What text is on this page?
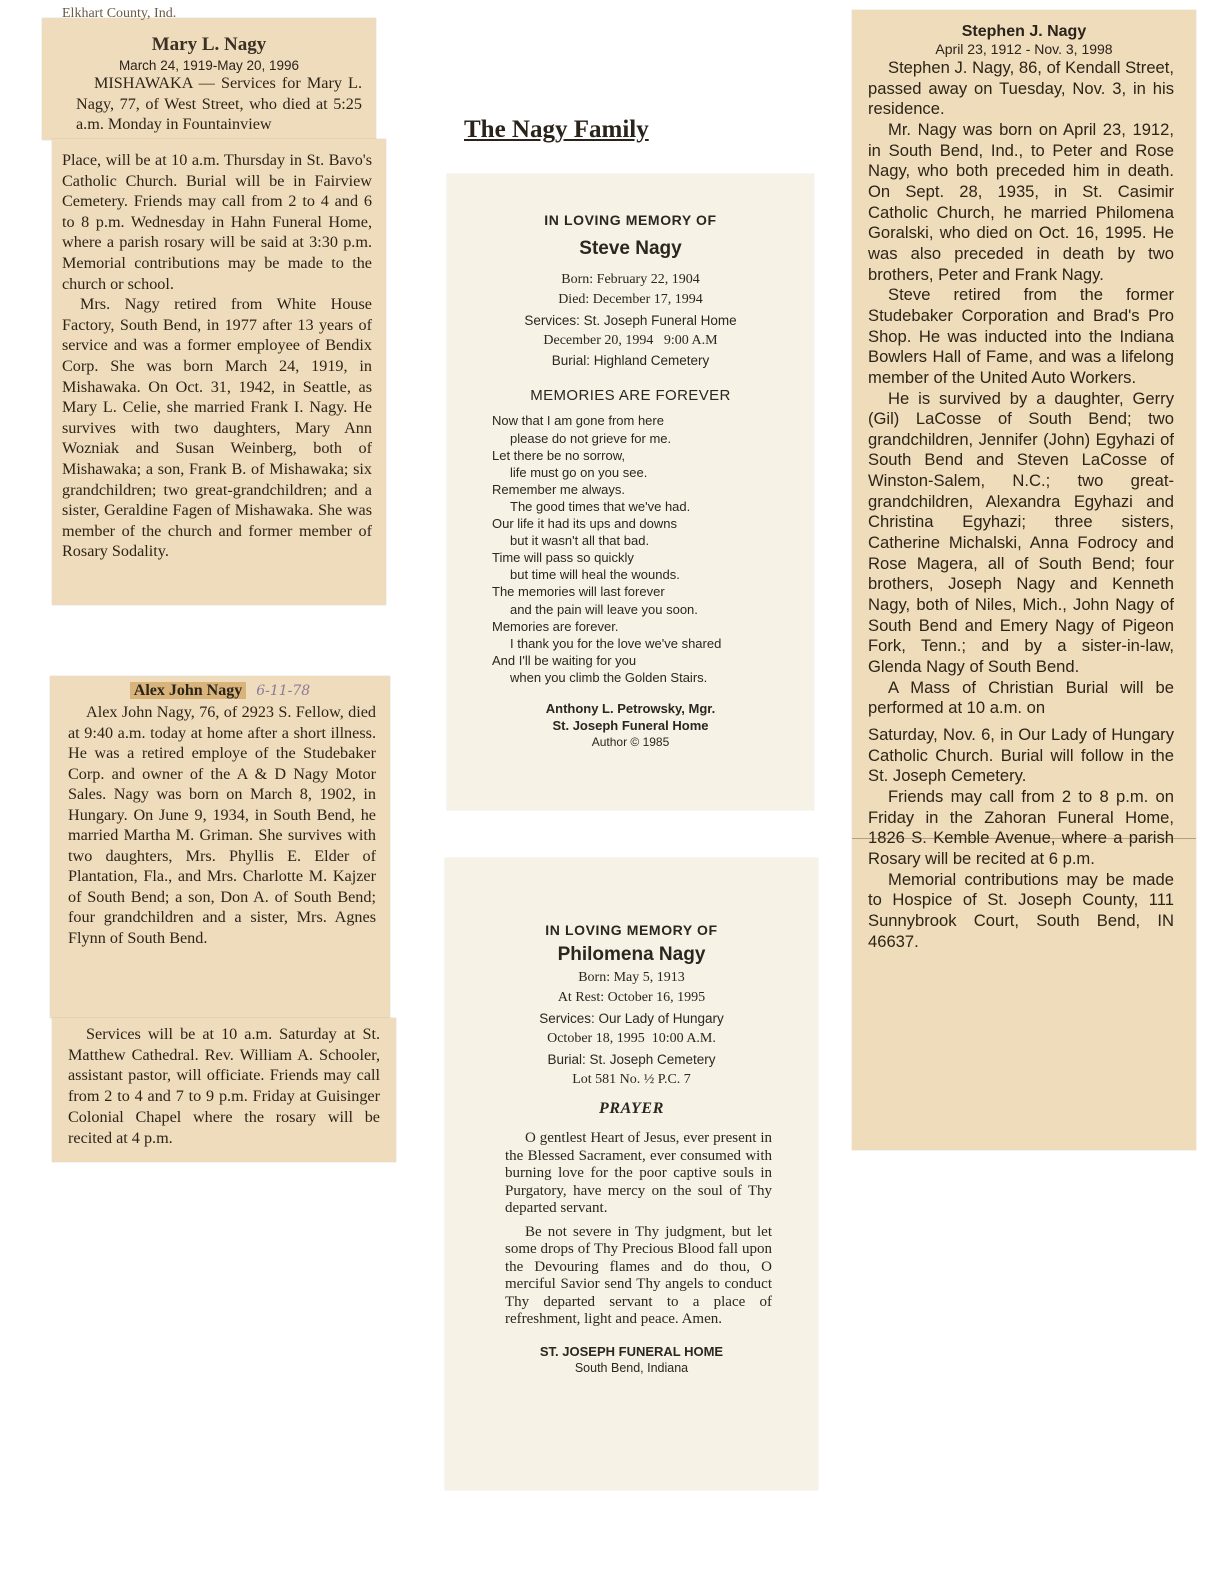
The Nagy Family
Elkhart County, Ind.
Mary L. Nagy
March 24, 1919-May 20, 1996

MISHAWAKA — Services for Mary L. Nagy, 77, of West Street, who died at 5:25 a.m. Monday in Fountainview

Place, will be at 10 a.m. Thursday in St. Bavo's Catholic Church. Burial will be in Fairview Cemetery. Friends may call from 2 to 4 and 6 to 8 p.m. Wednesday in Hahn Funeral Home, where a parish rosary will be said at 3:30 p.m. Memorial contributions may be made to the church or school.

Mrs. Nagy retired from White House Factory, South Bend, in 1977 after 13 years of service and was a former employee of Bendix Corp. She was born March 24, 1919, in Mishawaka. On Oct. 31, 1942, in Seattle, as Mary L. Celie, she married Frank I. Nagy. He survives with two daughters, Mary Ann Wozniak and Susan Weinberg, both of Mishawaka; a son, Frank B. of Mishawaka; six grandchildren; two great-grandchildren; and a sister, Geraldine Fagen of Mishawaka. She was member of the church and former member of Rosary Sodality.

Alex John Nagy 6-11-78

Alex John Nagy, 76, of 2923 S. Fellow, died at 9:40 a.m. today at home after a short illness. He was a retired employe of the Studebaker Corp. and owner of the A & D Nagy Motor Sales. Nagy was born on March 8, 1902, in Hungary. On June 9, 1934, in South Bend, he married Martha M. Griman. She survives with two daughters, Mrs. Phyllis E. Elder of Plantation, Fla., and Mrs. Charlotte M. Kajzer of South Bend; a son, Don A. of South Bend; four grandchildren and a sister, Mrs. Agnes Flynn of South Bend.

Services will be at 10 a.m. Saturday at St. Matthew Cathedral. Rev. William A. Schooler, assistant pastor, will officiate. Friends may call from 2 to 4 and 7 to 9 p.m. Friday at Guisinger Colonial Chapel where the rosary will be recited at 4 p.m.

IN LOVING MEMORY OF
Steve Nagy
Born: February 22, 1904
Died: December 17, 1994
Services: St. Joseph Funeral Home
December 20, 1994   9:00 A.M
Burial: Highland Cemetery
MEMORIES ARE FOREVER
Now that I am gone from here
please do not grieve for me.
Let there be no sorrow,
life must go on you see.
Remember me always.
The good times that we've had.
Our life it had its ups and downs
but it wasn't all that bad.
Time will pass so quickly
but time will heal the wounds.
The memories will last forever
and the pain will leave you soon.
Memories are forever.
I thank you for the love we've shared
And I'll be waiting for you
when you climb the Golden Stairs.
Anthony L. Petrowsky, Mgr.
St. Joseph Funeral Home
Author © 1985
IN LOVING MEMORY OF
Philomena Nagy
Born: May 5, 1913
At Rest: October 16, 1995
Services: Our Lady of Hungary
October 18, 1995  10:00 A.M.
Burial: St. Joseph Cemetery
Lot 581 No. ½ P.C. 7
PRAYER

O gentlest Heart of Jesus, ever present in the Blessed Sacrament, ever consumed with burning love for the poor captive souls in Purgatory, have mercy on the soul of Thy departed servant.

Be not severe in Thy judgment, but let some drops of Thy Precious Blood fall upon the Devouring flames and do thou, O merciful Savior send Thy angels to conduct Thy departed servant to a place of refreshment, light and peace. Amen.

ST. JOSEPH FUNERAL HOME
South Bend, Indiana
Stephen J. Nagy
April 23, 1912 - Nov. 3, 1998

Stephen J. Nagy, 86, of Kendall Street, passed away on Tuesday, Nov. 3, in his residence.

Mr. Nagy was born on April 23, 1912, in South Bend, Ind., to Peter and Rose Nagy, who both preceded him in death. On Sept. 28, 1935, in St. Casimir Catholic Church, he married Philomena Goralski, who died on Oct. 16, 1995. He was also preceded in death by two brothers, Peter and Frank Nagy.

Steve retired from the former Studebaker Corporation and Brad's Pro Shop. He was inducted into the Indiana Bowlers Hall of Fame, and was a lifelong member of the United Auto Workers.

He is survived by a daughter, Gerry (Gil) LaCosse of South Bend; two grandchildren, Jennifer (John) Egyhazi of South Bend and Steven LaCosse of Winston-Salem, N.C.; two great-grandchildren, Alexandra Egyhazi and Christina Egyhazi; three sisters, Catherine Michalski, Anna Fodrocy and Rose Magera, all of South Bend; four brothers, Joseph Nagy and Kenneth Nagy, both of Niles, Mich., John Nagy of South Bend and Emery Nagy of Pigeon Fork, Tenn.; and by a sister-in-law, Glenda Nagy of South Bend.

A Mass of Christian Burial will be performed at 10 a.m. on

Saturday, Nov. 6, in Our Lady of Hungary Catholic Church. Burial will follow in the St. Joseph Cemetery.

Friends may call from 2 to 8 p.m. on Friday in the Zahoran Funeral Home, 1826 S. Kemble Avenue, where a parish Rosary will be recited at 6 p.m.

Memorial contributions may be made to Hospice of St. Joseph County, 111 Sunnybrook Court, South Bend, IN 46637.
